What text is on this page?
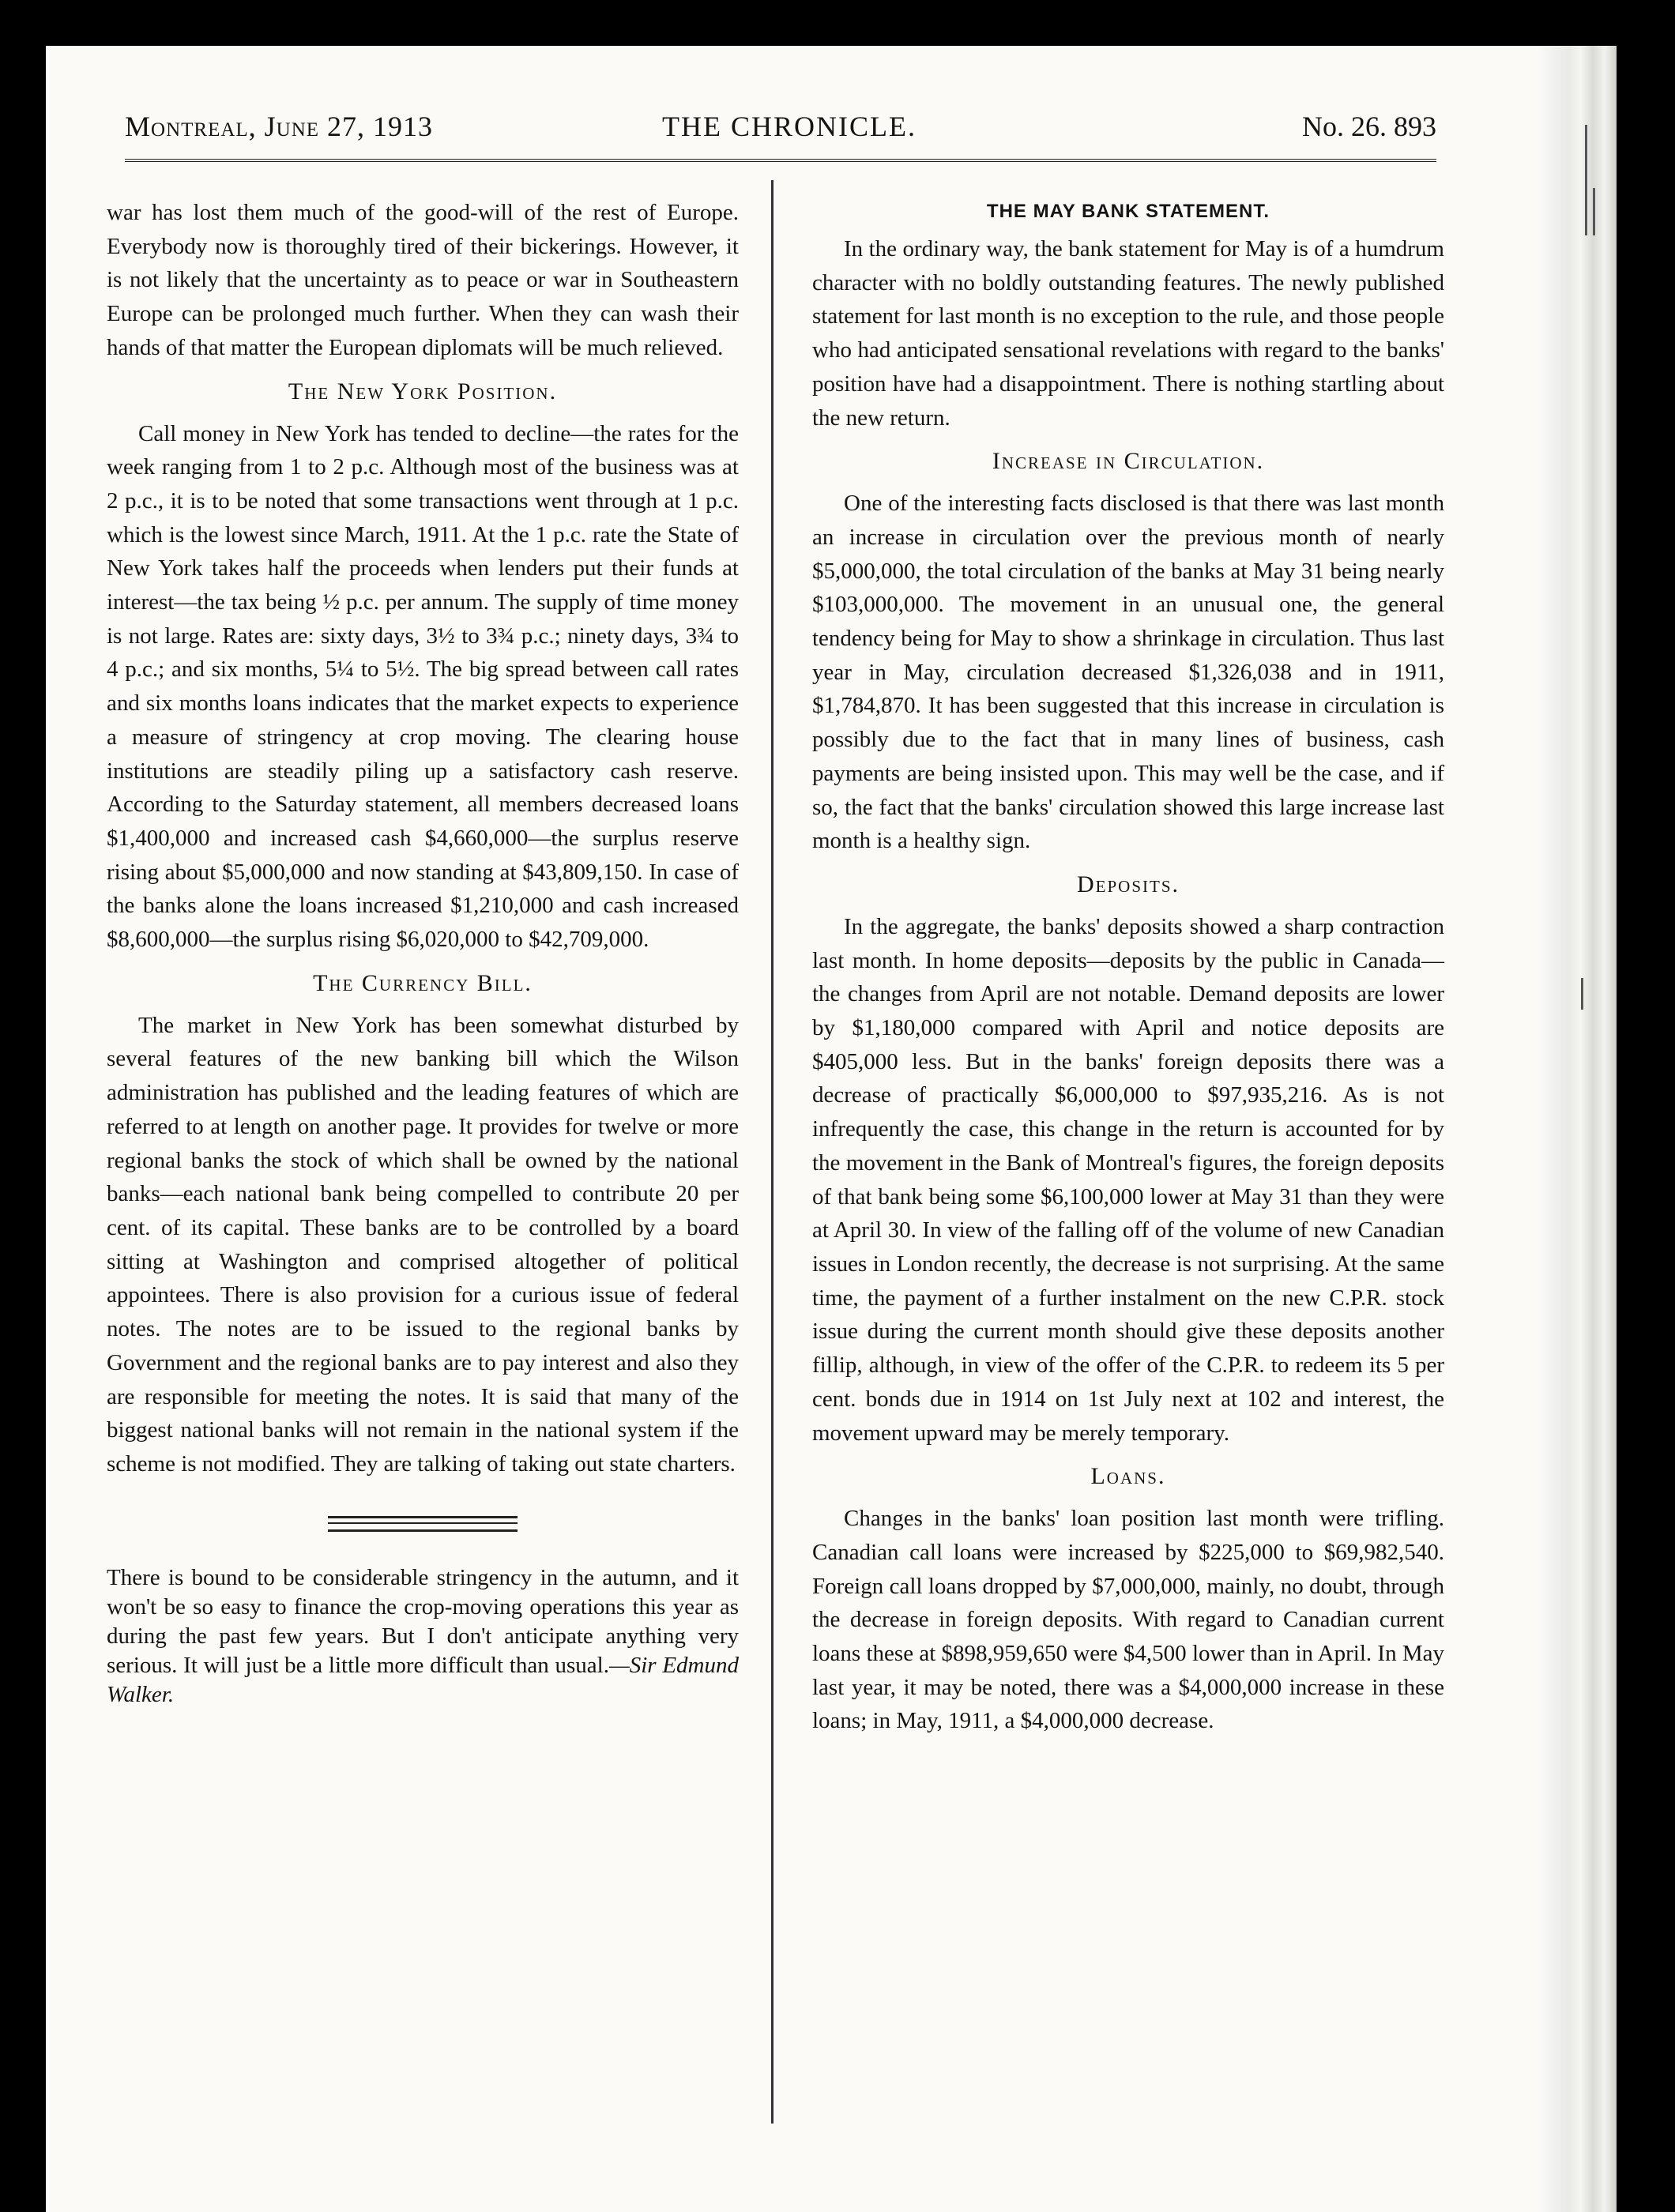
Montreal, June 27, 1913	THE CHRONICLE.	No. 26. 893

war has lost them much of the good-will of the rest of Europe. Everybody now is thoroughly tired of their bickerings. However, it is not likely that the uncertainty as to peace or war in Southeastern Europe can be prolonged much further. When they can wash their hands of that matter the European diplomats will be much relieved.

The New York Position.

Call money in New York has tended to decline—the rates for the week ranging from 1 to 2 p.c. Although most of the business was at 2 p.c., it is to be noted that some transactions went through at 1 p.c. which is the lowest since March, 1911. At the 1 p.c. rate the State of New York takes half the proceeds when lenders put their funds at interest—the tax being ½ p.c. per annum. The supply of time money is not large. Rates are: sixty days, 3½ to 3¾ p.c.; ninety days, 3¾ to 4 p.c.; and six months, 5¼ to 5½. The big spread between call rates and six months loans indicates that the market expects to experience a measure of stringency at crop moving. The clearing house institutions are steadily piling up a satisfactory cash reserve. According to the Saturday statement, all members decreased loans $1,400,000 and increased cash $4,660,000—the surplus reserve rising about $5,000,000 and now standing at $43,809,150. In case of the banks alone the loans increased $1,210,000 and cash increased $8,600,000—the surplus rising $6,020,000 to $42,709,000.

The Currency Bill.

The market in New York has been somewhat disturbed by several features of the new banking bill which the Wilson administration has published and the leading features of which are referred to at length on another page. It provides for twelve or more regional banks the stock of which shall be owned by the national banks—each national bank being compelled to contribute 20 per cent. of its capital. These banks are to be controlled by a board sitting at Washington and comprised altogether of political appointees. There is also provision for a curious issue of federal notes. The notes are to be issued to the regional banks by Government and the regional banks are to pay interest and also they are responsible for meeting the notes. It is said that many of the biggest national banks will not remain in the national system if the scheme is not modified. They are talking of taking out state charters.

There is bound to be considerable stringency in the autumn, and it won't be so easy to finance the crop-moving operations this year as during the past few years. But I don't anticipate anything very serious. It will just be a little more difficult than usual.—Sir Edmund Walker.

THE MAY BANK STATEMENT.

In the ordinary way, the bank statement for May is of a humdrum character with no boldly outstanding features. The newly published statement for last month is no exception to the rule, and those people who had anticipated sensational revelations with regard to the banks' position have had a disappointment. There is nothing startling about the new return.

Increase in Circulation.

One of the interesting facts disclosed is that there was last month an increase in circulation over the previous month of nearly $5,000,000, the total circulation of the banks at May 31 being nearly $103,000,000. The movement in an unusual one, the general tendency being for May to show a shrinkage in circulation. Thus last year in May, circulation decreased $1,326,038 and in 1911, $1,784,870. It has been suggested that this increase in circulation is possibly due to the fact that in many lines of business, cash payments are being insisted upon. This may well be the case, and if so, the fact that the banks' circulation showed this large increase last month is a healthy sign.

Deposits.

In the aggregate, the banks' deposits showed a sharp contraction last month. In home deposits—deposits by the public in Canada—the changes from April are not notable. Demand deposits are lower by $1,180,000 compared with April and notice deposits are $405,000 less. But in the banks' foreign deposits there was a decrease of practically $6,000,000 to $97,935,216. As is not infrequently the case, this change in the return is accounted for by the movement in the Bank of Montreal's figures, the foreign deposits of that bank being some $6,100,000 lower at May 31 than they were at April 30. In view of the falling off of the volume of new Canadian issues in London recently, the decrease is not surprising. At the same time, the payment of a further instalment on the new C.P.R. stock issue during the current month should give these deposits another fillip, although, in view of the offer of the C.P.R. to redeem its 5 per cent. bonds due in 1914 on 1st July next at 102 and interest, the movement upward may be merely temporary.

Loans.

Changes in the banks' loan position last month were trifling. Canadian call loans were increased by $225,000 to $69,982,540. Foreign call loans dropped by $7,000,000, mainly, no doubt, through the decrease in foreign deposits. With regard to Canadian current loans these at $898,959,650 were $4,500 lower than in April. In May last year, it may be noted, there was a $4,000,000 increase in these loans; in May, 1911, a $4,000,000 decrease.
